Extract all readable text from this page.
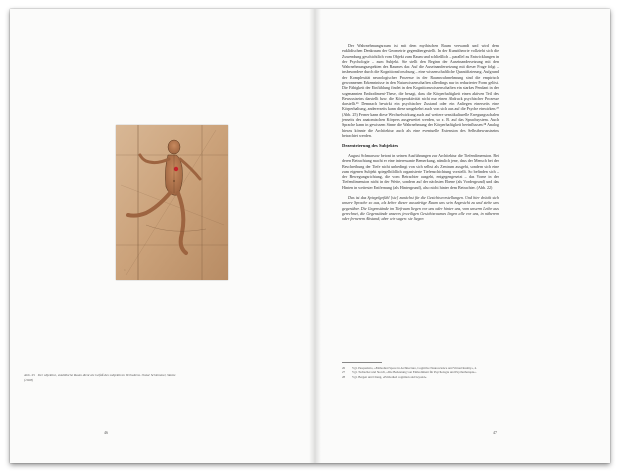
~
Abb. 25 Der objektive, euklidische Raum dient als Gefäß des subjektiven Verhaltens. Oskar Schlemmer, Skizze (1928)
46

Der Wahrnehmungsraum ist mit dem mythischen Raum verwandt und wird dem euklidischen Denkraum der Geometrie gegenübergestellt. In der Kunsttheorie vollzieht sich die Zuwendung geschichtlich vom Objekt zum Raum und schließlich – parallel zu Entwicklungen in der Psychologie – zum Subjekt. Sie stellt den Beginn der Auseinandersetzung mit den Wahrnehmungsaspekten des Raumes dar. Auf die Auseinandersetzung mit dieser Frage folgt – insbesondere durch die Kognitionsforschung – eine wissenschaftliche Quantifizierung. Aufgrund der Komplexität neurologischer Prozesse in der Raumwahrnehmung sind die empirisch gewonnenen Erkenntnisse in den Naturwissenschaften allerdings nur in reduzierter Form gelöst. Die Fähigkeit der Einfühlung findet in den Kognitionswissenschaften ein starkes Pendant in der sogenannten Embodiment-These, die besagt, dass die Körperhaftigkeit einen aktiven Teil des Bewusstseins darstellt bzw. die Körperaktivität nicht nur einen Abdruck psychischer Prozesse darstellt.²⁶ Demnach bewirkt ein psychischer Zustand oder ein Anliegen einerseits eine Körperhaltung, andererseits kann diese umgekehrt auch von sich aus auf die Psyche einwirken.²⁷ (Abb. 25) Ferner kann diese Wechselwirkung auch auf weitere sensitkulturelle Erregungsschalen jenseits des anatomischen Körpers ausgeweitet werden, so z. B. auf das Sprachsystem. Auch Sprache kann in gewissem Sinne die Wahrnehmung der Körperhaftigkeit beeinflussen.²⁸ Analog hierzu könnte die Architektur auch als eine eventuelle Extension des Selbstbewusstseins betrachtet werden.

Dezentrierung des Subjektes

August Schmarsow betont in seinen Ausführungen zur Architektur die Tiefendimension. Bei deren Betrachtung macht er eine interessante Bemerkung, nämlich jene, dass der Mensch bei der Beschreibung der Tiefe nicht unbedingt von sich selbst als Zentrum ausgeht, sondern sich eine zum eigenen Subjekt spiegelbildlich organisierte Tiefenschichtung vorstellt. So befinden sich – der Bewegungsrichtung, die vom Betrachter ausgeht, entgegengesetzt – das Vorne in der Tiefendimension nicht in der Weite, sondern auf der nächsten Ebene (als Vordergrund) und das Hinten in weitester Entfernung (als Hintergrund), also nicht hinter dem Betrachter. (Abb. 22)

Das ist das Spiegelgefühl [sic] zunächst für die Gesichtsvorstellungen. Und hier drückt sich unsere Sprache so aus, als kehre dieser auswärtige Raum uns sein Angesicht zu und stehe uns gegenüber. Die Gegenstände im Tiefraum liegen vor uns oder hinter uns, vom unserm Leibe aus gerechnet, die Gegenstände unseres jeweiligen Gesichtsraumes liegen alle vor uns, in näherem oder fernerem Abstand; aber wir sagen: sie liegen

26	Vgl. Pasqualotto, »Embodied Space in Architecture, Cognitive Neuroscience and Virtual Reality«, 4.
27	Vgl. Tschacher und Storch, »Die Bedeutung von Embodiment für Psychologie und Psychotherapie«.
28	Vgl. Bergen und Chang, »Embodied cognition and beyond«.
47
